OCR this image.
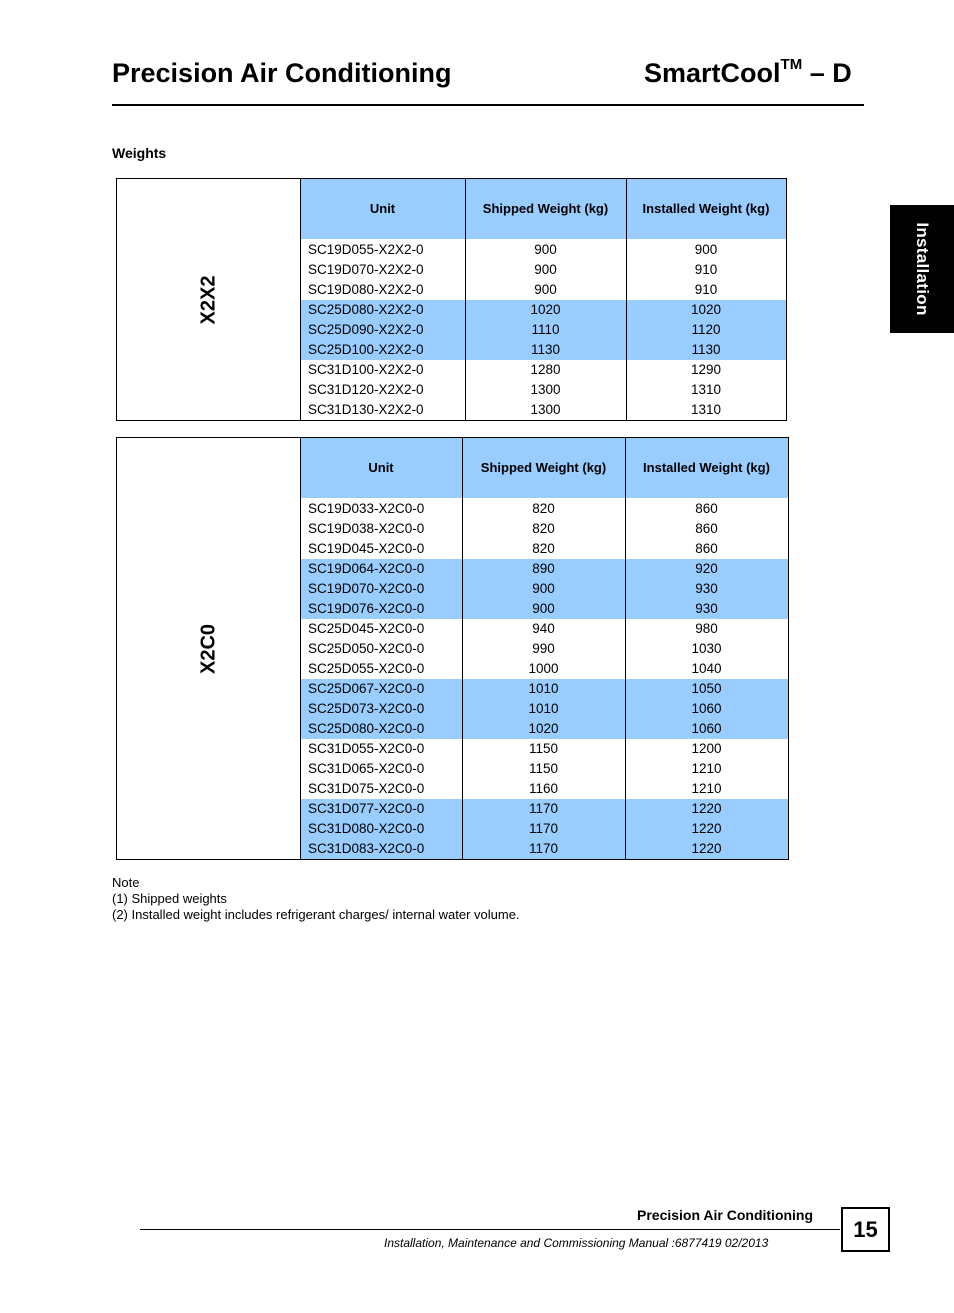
Precision Air Conditioning	SmartCool™ – D
Weights
Installation
X2X2
Unit	Shipped Weight (kg)	Installed Weight (kg)
SC19D055-X2X2-0	900	900
SC19D070-X2X2-0	900	910
SC19D080-X2X2-0	900	910
SC25D080-X2X2-0	1020	1020
SC25D090-X2X2-0	1110	1120
SC25D100-X2X2-0	1130	1130
SC31D100-X2X2-0	1280	1290
SC31D120-X2X2-0	1300	1310
SC31D130-X2X2-0	1300	1310
X2C0
Unit	Shipped Weight (kg)	Installed Weight (kg)
SC19D033-X2C0-0	820	860
SC19D038-X2C0-0	820	860
SC19D045-X2C0-0	820	860
SC19D064-X2C0-0	890	920
SC19D070-X2C0-0	900	930
SC19D076-X2C0-0	900	930
SC25D045-X2C0-0	940	980
SC25D050-X2C0-0	990	1030
SC25D055-X2C0-0	1000	1040
SC25D067-X2C0-0	1010	1050
SC25D073-X2C0-0	1010	1060
SC25D080-X2C0-0	1020	1060
SC31D055-X2C0-0	1150	1200
SC31D065-X2C0-0	1150	1210
SC31D075-X2C0-0	1160	1210
SC31D077-X2C0-0	1170	1220
SC31D080-X2C0-0	1170	1220
SC31D083-X2C0-0	1170	1220
Note
(1) Shipped weights
(2) Installed weight includes refrigerant charges/ internal water volume.
Precision Air Conditioning
Installation, Maintenance and Commissioning Manual :6877419 02/2013
15
